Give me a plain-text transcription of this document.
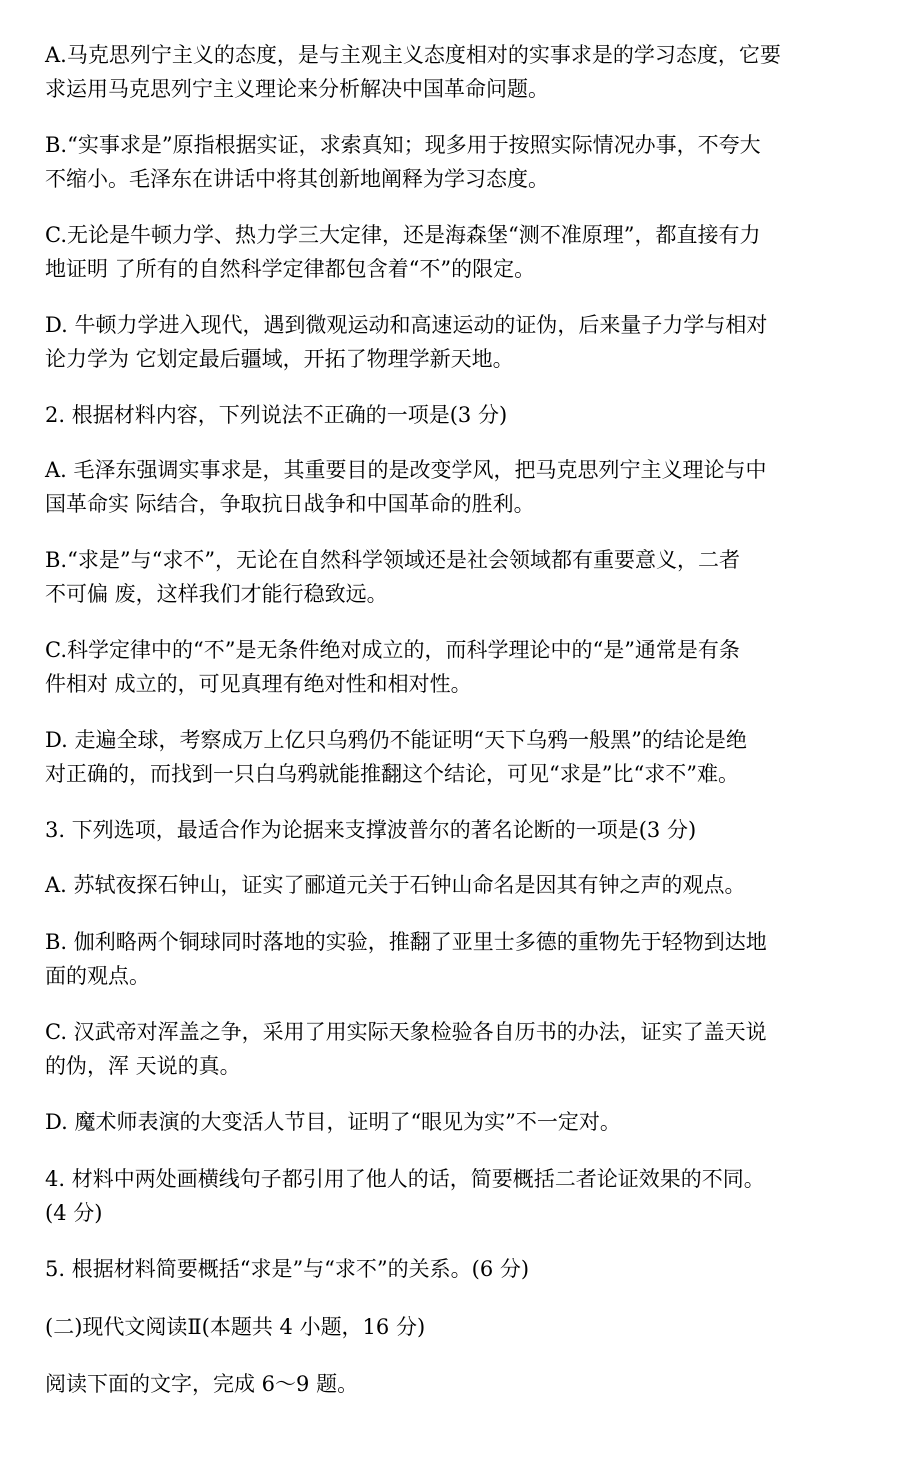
A.马克思列宁主义的态度，是与主观主义态度相对的实事求是的学习态度，它要
求运用马克思列宁主义理论来分析解决中国革命问题。
B.“实事求是”原指根据实证，求索真知；现多用于按照实际情况办事，不夸大
不缩小。毛泽东在讲话中将其创新地阐释为学习态度。
C.无论是牛顿力学、热力学三大定律，还是海森堡“测不准原理”，都直接有力
地证明 了所有的自然科学定律都包含着“不”的限定。
D. 牛顿力学进入现代，遇到微观运动和高速运动的证伪，后来量子力学与相对
论力学为 它划定最后疆域，开拓了物理学新天地。
2. 根据材料内容，下列说法不正确的一项是(3 分)
A. 毛泽东强调实事求是，其重要目的是改变学风，把马克思列宁主义理论与中
国革命实 际结合，争取抗日战争和中国革命的胜利。
B.“求是”与“求不”，无论在自然科学领域还是社会领域都有重要意义，二者
不可偏 废，这样我们才能行稳致远。
C.科学定律中的“不”是无条件绝对成立的，而科学理论中的“是”通常是有条
件相对 成立的，可见真理有绝对性和相对性。
D. 走遍全球，考察成万上亿只乌鸦仍不能证明“天下乌鸦一般黑”的结论是绝
对正确的，而找到一只白乌鸦就能推翻这个结论，可见“求是”比“求不”难。
3. 下列选项，最适合作为论据来支撑波普尔的著名论断的一项是(3 分)
A. 苏轼夜探石钟山，证实了郦道元关于石钟山命名是因其有钟之声的观点。
B. 伽利略两个铜球同时落地的实验，推翻了亚里士多德的重物先于轻物到达地
面的观点。
C. 汉武帝对浑盖之争，采用了用实际天象检验各自历书的办法，证实了盖天说
的伪，浑 天说的真。
D. 魔术师表演的大变活人节目，证明了“眼见为实”不一定对。
4. 材料中两处画横线句子都引用了他人的话，简要概括二者论证效果的不同。
(4 分)
5. 根据材料简要概括“求是”与“求不”的关系。(6 分)
(二)现代文阅读Ⅱ(本题共 4 小题，16 分)
阅读下面的文字，完成 6～9 题。
